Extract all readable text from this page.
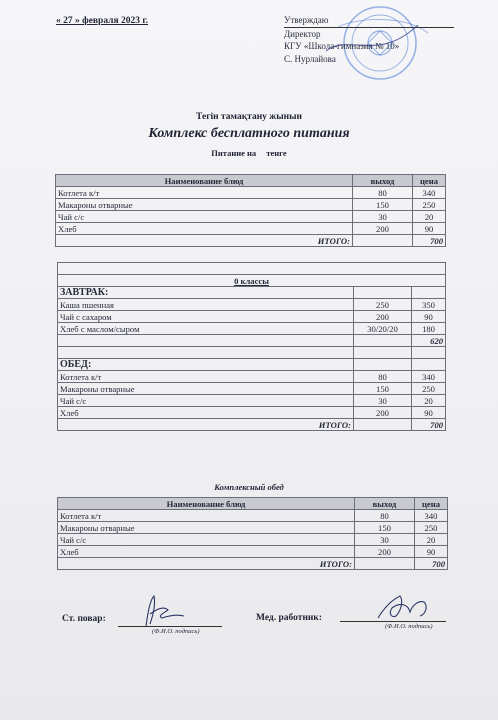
« 27 » февраля 2023 г.	Утверждаю
Директор
КГУ «Школа-гимназия № 10»
С. Нурлайова
Тегін тамақтану жынын
Комплекс бесплатного питания
Питание на тенге
Наименование блюд	выход	цена
Котлета к/т	80	340
Макароны отварные	150	250
Чай с/с	30	20
Хлеб	200	90
ИТОГО:		700

0 классы		
ЗАВТРАК:		
Каша пшенная	250	350
Чай с сахаром	200	90
Хлеб с маслом/сыром	30/20/20	180
		620

ОБЕД:		
Котлета к/т	80	340
Макароны отварные	150	250
Чай с/с	30	20
Хлеб	200	90
ИТОГО:		700
Комплексный обед
Наименование блюд	выход	цена
Котлета к/т	80	340
Макароны отварные	150	250
Чай с/с	30	20
Хлеб	200	90
ИТОГО:		700
Ст. повар:
(Ф.И.О. подпись)
Мед. работник:
(Ф.И.О. подпись)
